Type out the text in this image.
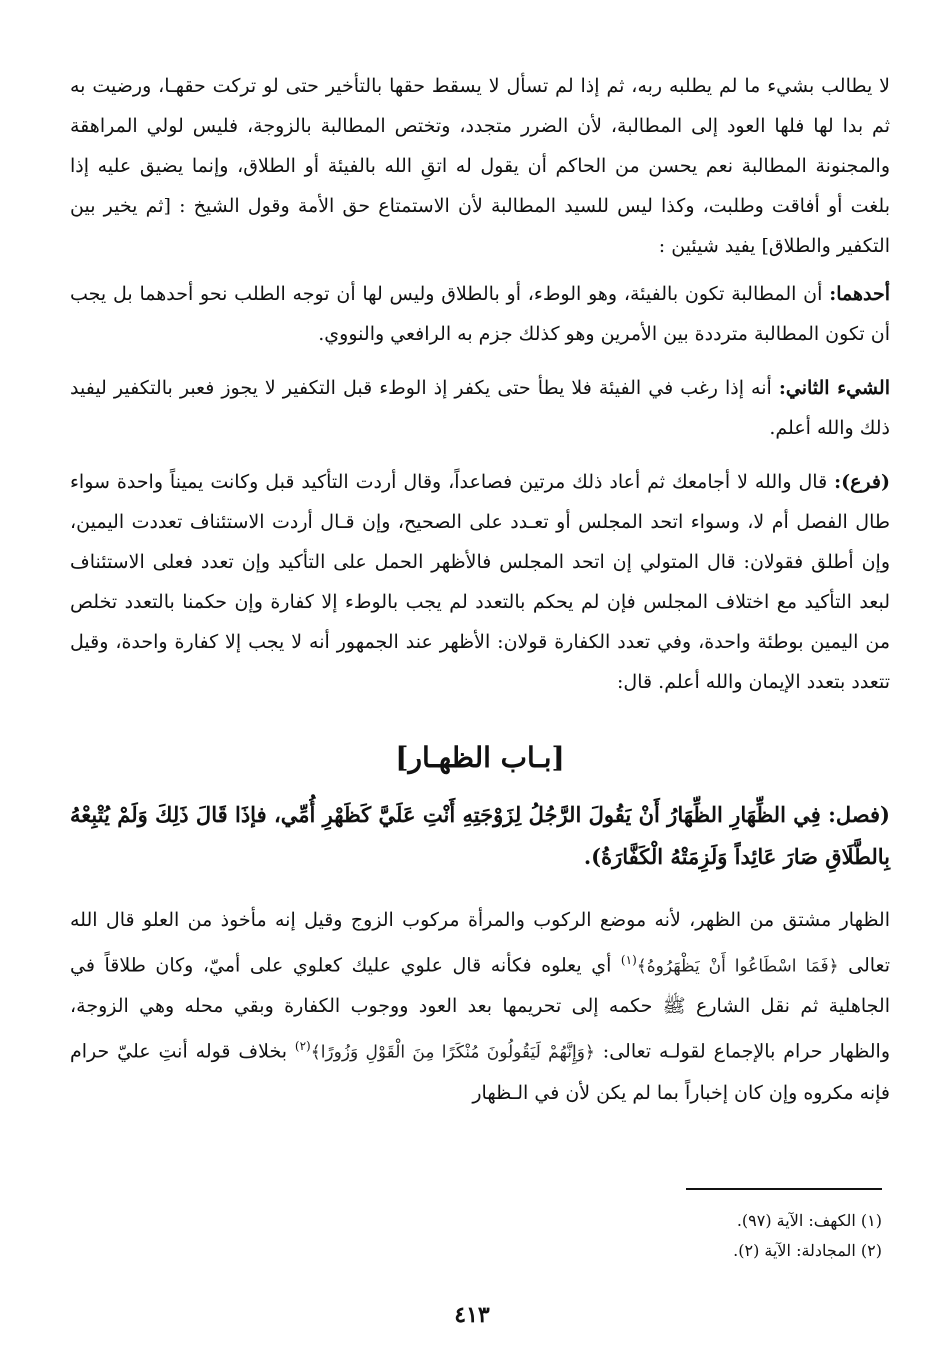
لا يطالب بشيء ما لم يطلبه ربه، ثم إذا لم تسأل لا يسقط حقها بالتأخير حتى لو تركت حقهـا، ورضيت به ثم بدا لها فلها العود إلى المطالبة، لأن الضرر متجدد، وتختص المطالبة بالزوجة، فليس لولي المراهقة والمجنونة المطالبة نعم يحسن من الحاكم أن يقول له اتقِ الله بالفيئة أو الطلاق، وإنما يضيق عليه إذا بلغت أو أفاقت وطلبت، وكذا ليس للسيد المطالبة لأن الاستمتاع حق الأمة وقول الشيخ : [ثم يخير بين التكفير والطلاق] يفيد شيئين :

أحدهما: أن المطالبة تكون بالفيئة، وهو الوطء، أو بالطلاق وليس لها أن توجه الطلب نحو أحدهما بل يجب أن تكون المطالبة مترددة بين الأمرين وهو كذلك جزم به الرافعي والنووي.

الشيء الثاني: أنه إذا رغب في الفيئة فلا يطأ حتى يكفر إذ الوطء قبل التكفير لا يجوز فعبر بالتكفير ليفيد ذلك والله أعلم.

(فرع): قال والله لا أجامعك ثم أعاد ذلك مرتين فصاعداً، وقال أردت التأكيد قبل وكانت يميناً واحدة سواء طال الفصل أم لا، وسواء اتحد المجلس أو تعـدد على الصحيح، وإن قـال أردت الاستئناف تعددت اليمين، وإن أطلق فقولان: قال المتولي إن اتحد المجلس فالأظهر الحمل على التأكيد وإن تعدد فعلى الاستئناف لبعد التأكيد مع اختلاف المجلس فإن لم يحكم بالتعدد لم يجب بالوطء إلا كفارة وإن حكمنا بالتعدد تخلص من اليمين بوطئة واحدة، وفي تعدد الكفارة قولان: الأظهر عند الجمهور أنه لا يجب إلا كفارة واحدة، وقيل تتعدد بتعدد الإيمان والله أعلم. قال:

[بـاب الظهـار]

(فصل: فِي الظِّهَارِ الظِّهَارُ أَنْ يَقُولَ الرَّجُلُ لِزَوْجَتِهِ أَنْتِ عَلَيَّ كَظَهْرِ أُمِّي، فإذَا قَالَ ذَلِكَ وَلَمْ يُتْبِعْهُ بِالطَّلَاقِ صَارَ عَائِداً وَلَزِمَتْهُ الْكَفَّارَةُ).

الظهار مشتق من الظهر، لأنه موضع الركوب والمرأة مركوب الزوج وقيل إنه مأخوذ من العلو قال الله تعالى ﴿فَمَا اسْطَاعُوا أَنْ يَظْهَرُوهُ﴾$^{(١)}$ أي يعلوه فكأنه قال علوي عليك كعلوي على أميّ، وكان طلاقاً في الجاهلية ثم نقل الشارع ﷺ حكمه إلى تحريمها بعد العود ووجوب الكفارة وبقي محله وهي الزوجة، والظهار حرام بالإجماع لقولـه تعالى: ﴿وَإِنَّهُمْ لَيَقُولُونَ مُنْكَرًا مِنَ الْقَوْلِ وَزُورًا﴾$^{(٢)}$ بخلاف قوله أنتِ عليّ حرام فإنه مكروه وإن كان إخباراً بما لم يكن لأن في الـظهار

(١) الكهف: الآية (٩٧).

(٢) المجادلة: الآية (٢).

٤١٣
